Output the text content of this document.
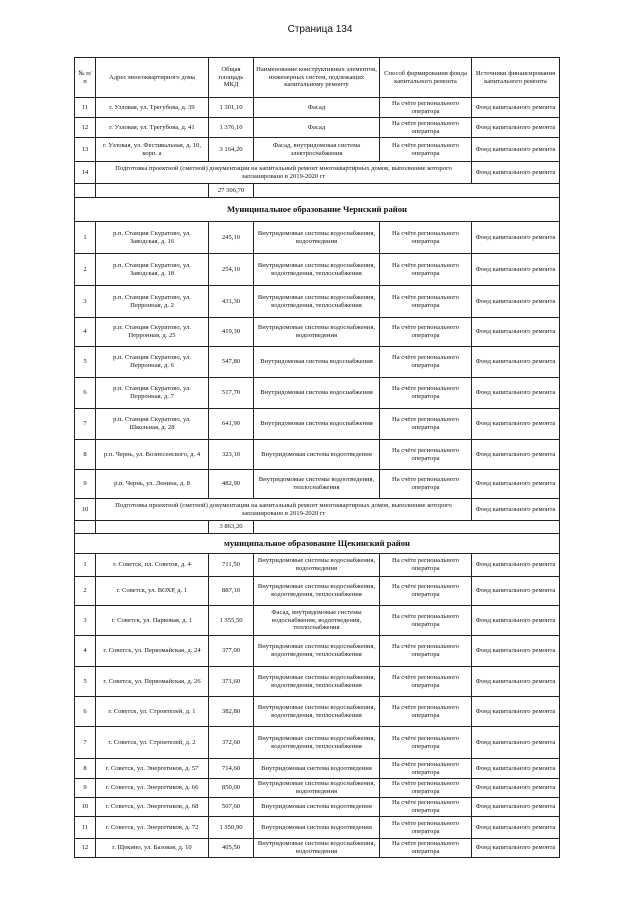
Страница 134
№ п/п	Адрес многоквартирного дома	Общая площадь МКД	Наименование конструктивных элементов, инженерных систем, подлежащих капитальному ремонту	Способ формирования фонда капитального ремонта	Источники финансирования капитального ремонта
11	г. Узловая, ул. Трегубова, д. 39	1 301,10	Фасад	На счёте регионального оператора	Фонд капитального ремонта
12	г. Узловая, ул. Трегубова, д. 41	1 376,10	Фасад	На счёте регионального оператора	Фонд капитального ремонта
13	г. Узловая, ул. Фестивальная, д. 10, корп. а	3 164,20	Фасад, внутридомовая система электроснабжения	На счёте регионального оператора	Фонд капитального ремонта
14	Подготовка проектной (сметной) документации на капитальный ремонт многоквартирных домов, выполнение которого запланировано в 2019-2020 гг				Фонд капитального ремонта
		27 306,70			
Муниципальное образование Чернский район					
1	р.п. Станция Скуратово, ул. Заводская, д. 16	245,10	Внутридомовые системы водоснабжения, водоотведения	На счёте регионального оператора	Фонд капитального ремонта
2	р.п. Станция Скуратово, ул. Заводская, д. 18	254,10	Внутридомовые системы водоснабжения, водоотведения, теплоснабжения	На счёте регионального оператора	Фонд капитального ремонта
3	р.п. Станция Скуратово, ул. Перронная, д. 2	431,30	Внутридомовые системы водоснабжения, водоотведения, теплоснабжения	На счёте регионального оператора	Фонд капитального ремонта
4	р.п. Станция Скуратово, ул. Перронная, д. 25	419,30	Внутридомовые системы водоснабжения, водоотведения	На счёте регионального оператора	Фонд капитального ремонта
5	р.п. Станция Скуратово, ул. Перронная, д. 6	547,80	Внутридомовая система водоснабжения	На счёте регионального оператора	Фонд капитального ремонта
6	р.п. Станция Скуратово, ул. Перронная, д. 7	517,70	Внутридомовая система водоснабжения	На счёте регионального оператора	Фонд капитального ремонта
7	р.п. Станция Скуратово, ул. Школьная, д. 28	641,90	Внутридомовая система водоснабжения	На счёте регионального оператора	Фонд капитального ремонта
8	р.п. Чернь, ул. Вознесенского, д. 4	323,10	Внутридомовая система водоотведения	На счёте регионального оператора	Фонд капитального ремонта
9	р.п. Чернь, ул. Ленина, д. 8	482,90	Внутридомовые системы водоотведения, теплоснабжения	На счёте регионального оператора	Фонд капитального ремонта
10	Подготовка проектной (сметной) документации на капитальный ремонт многоквартирных домов, выполнение которого запланировано в 2019-2020 гг				Фонд капитального ремонта
		3 863,20			
муниципальное образование Щекинский район					
1	г. Советск, пл. Советов, д. 4	711,50	Внутридомовые системы водоснабжения, водоотведения	На счёте регионального оператора	Фонд капитального ремонта
2	г. Советск, ул. ВОХР, д. 1	887,10	Внутридомовые системы водоснабжения, водоотведения, теплоснабжения	На счёте регионального оператора	Фонд капитального ремонта
3	г. Советск, ул. Парковая, д. 1	1 355,50	Фасад, внутридомовые системы водоснабжения, водоотведения, теплоснабжения	На счёте регионального оператора	Фонд капитального ремонта
4	г. Советск, ул. Первомайская, д. 24	377,00	Внутридомовые системы водоснабжения, водоотведения, теплоснабжения	На счёте регионального оператора	Фонд капитального ремонта
5	г. Советск, ул. Первомайская, д. 26	371,60	Внутридомовые системы водоснабжения, водоотведения, теплоснабжения	На счёте регионального оператора	Фонд капитального ремонта
6	г. Советск, ул. Строителей, д. 1	382,80	Внутридомовые системы водоснабжения, водоотведения, теплоснабжения	На счёте регионального оператора	Фонд капитального ремонта
7	г. Советск, ул. Строителей, д. 2	372,60	Внутридомовые системы водоснабжения, водоотведения, теплоснабжения	На счёте регионального оператора	Фонд капитального ремонта
8	г. Советск, ул. Энергетиков, д. 57	714,60	Внутридомовая система водоотведения	На счёте регионального оператора	Фонд капитального ремонта
9	г. Советск, ул. Энергетиков, д. 66	850,00	Внутридомовые системы водоснабжения, водоотведения	На счёте регионального оператора	Фонд капитального ремонта
10	г. Советск, ул. Энергетиков, д. 68	507,60	Внутридомовая система водоотведения	На счёте регионального оператора	Фонд капитального ремонта
11	г. Советск, ул. Энергетиков, д. 72	1 350,90	Внутридомовая система водоотведения	На счёте регионального оператора	Фонд капитального ремонта
12	г. Щекино, ул. Базовая, д. 10	405,50	Внутридомовые системы водоснабжения, водоотведения	На счёте регионального оператора	Фонд капитального ремонта
